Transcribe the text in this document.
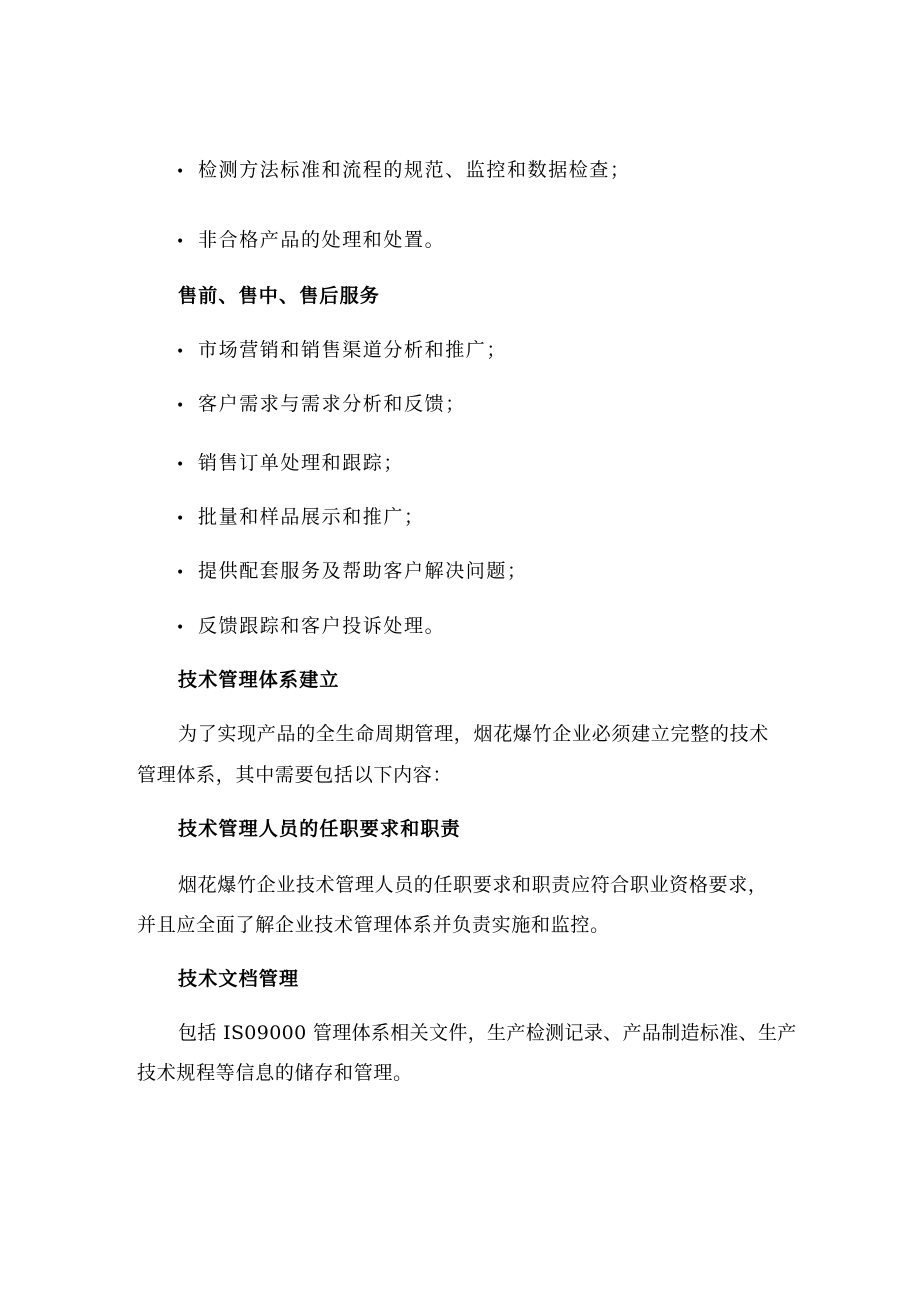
• 检测方法标准和流程的规范、监控和数据检查；
• 非合格产品的处理和处置。
售前、售中、售后服务
• 市场营销和销售渠道分析和推广；
• 客户需求与需求分析和反馈；
• 销售订单处理和跟踪；
• 批量和样品展示和推广；
• 提供配套服务及帮助客户解决问题；
• 反馈跟踪和客户投诉处理。
技术管理体系建立
为了实现产品的全生命周期管理，烟花爆竹企业必须建立完整的技术
管理体系，其中需要包括以下内容：
技术管理人员的任职要求和职责
烟花爆竹企业技术管理人员的任职要求和职责应符合职业资格要求，
并且应全面了解企业技术管理体系并负责实施和监控。
技术文档管理
包括 IS09000 管理体系相关文件，生产检测记录、产品制造标准、生产
技术规程等信息的储存和管理。
